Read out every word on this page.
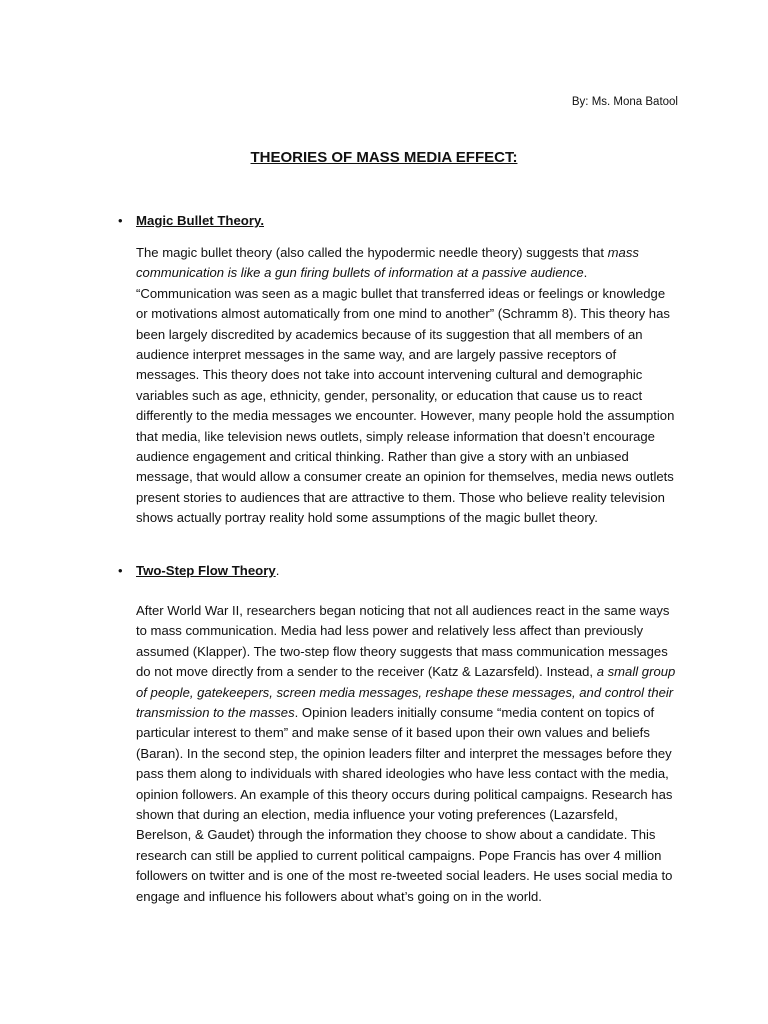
By: Ms. Mona Batool
THEORIES OF MASS MEDIA EFFECT:
• Magic Bullet Theory.

The magic bullet theory (also called the hypodermic needle theory) suggests that mass communication is like a gun firing bullets of information at a passive audience. “Communication was seen as a magic bullet that transferred ideas or feelings or knowledge or motivations almost automatically from one mind to another” (Schramm 8). This theory has been largely discredited by academics because of its suggestion that all members of an audience interpret messages in the same way, and are largely passive receptors of messages. This theory does not take into account intervening cultural and demographic variables such as age, ethnicity, gender, personality, or education that cause us to react differently to the media messages we encounter. However, many people hold the assumption that media, like television news outlets, simply release information that doesn’t encourage audience engagement and critical thinking. Rather than give a story with an unbiased message, that would allow a consumer create an opinion for themselves, media news outlets present stories to audiences that are attractive to them. Those who believe reality television shows actually portray reality hold some assumptions of the magic bullet theory.

• Two-Step Flow Theory.

After World War II, researchers began noticing that not all audiences react in the same ways to mass communication. Media had less power and relatively less affect than previously assumed (Klapper). The two-step flow theory suggests that mass communication messages do not move directly from a sender to the receiver (Katz & Lazarsfeld). Instead, a small group of people, gatekeepers, screen media messages, reshape these messages, and control their transmission to the masses. Opinion leaders initially consume “media content on topics of particular interest to them” and make sense of it based upon their own values and beliefs (Baran). In the second step, the opinion leaders filter and interpret the messages before they pass them along to individuals with shared ideologies who have less contact with the media, opinion followers. An example of this theory occurs during political campaigns. Research has shown that during an election, media influence your voting preferences (Lazarsfeld, Berelson, & Gaudet) through the information they choose to show about a candidate. This research can still be applied to current political campaigns. Pope Francis has over 4 million followers on twitter and is one of the most re-tweeted social leaders. He uses social media to engage and influence his followers about what’s going on in the world.
